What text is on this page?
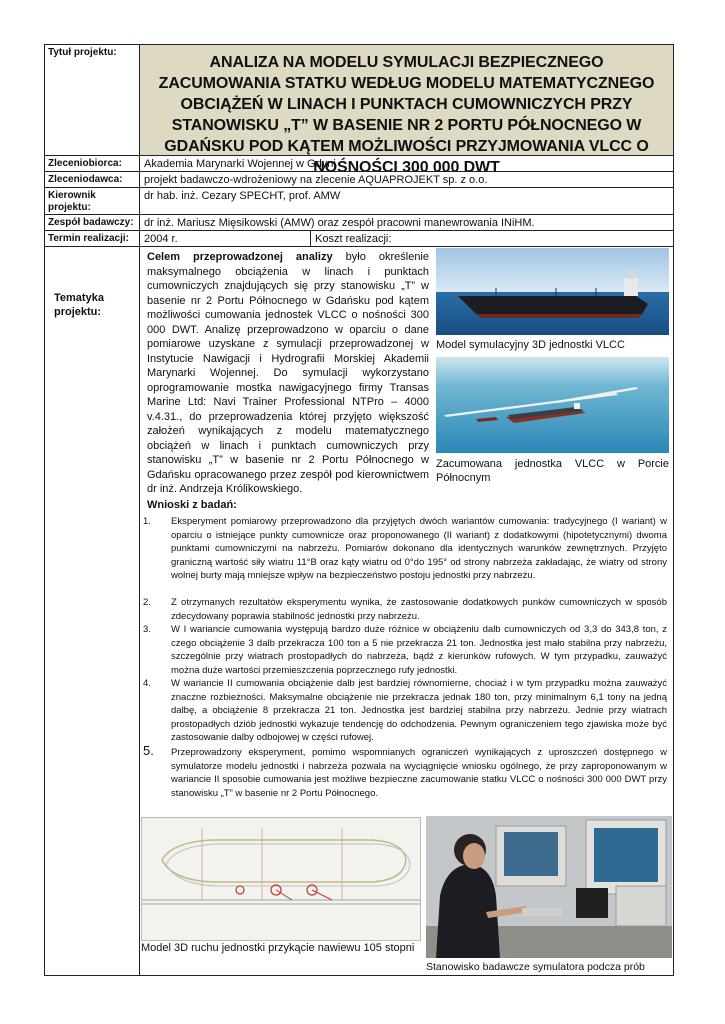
Tytuł projektu:
ANALIZA NA MODELU SYMULACJI BEZPIECZNEGO ZACUMOWANIA STATKU WEDŁUG MODELU MATEMATYCZNEGO OBCIĄŻEŃ W LINACH I PUNKTACH CUMOWNICZYCH PRZY STANOWISKU „T” W BASENIE NR 2 PORTU PÓŁNOCNEGO W GDAŃSKU POD KĄTEM MOŻLIWOŚCI PRZYJMOWANIA VLCC O NOŚNOŚCI 300 000 DWT
Zleceniobiorca:	Akademia Marynarki Wojennej w Gdyni
Zleceniodawca:	projekt badawczo-wdrożeniowy na zlecenie AQUAPROJEKT sp. z o.o.
Kierownik projektu:
dr hab. inż. Cezary SPECHT, prof. AMW
Zespół badawczy: dr inż. Mariusz Mięsikowski (AMW) oraz zespół pracowni manewrowania INiHM.
Termin realizacji:	2004 r.	Koszt realizacji:
Tematyka projektu:
Celem przeprowadzonej analizy było określenie maksymalnego obciążenia w linach i punktach cumowniczych znajdujących się przy stanowisku „T” w basenie nr 2 Portu Północnego w Gdańsku pod kątem możliwości cumowania jednostek VLCC o nośności 300 000 DWT. Analizę przeprowadzono w oparciu o dane pomiarowe uzyskane z symulacji przeprowadzonej w Instytucie Nawigacji i Hydrografii Morskiej Akademii Marynarki Wojennej. Do symulacji wykorzystano oprogramowanie mostka nawigacyjnego firmy Transas Marine Ltd: Navi Trainer Professional NTPro – 4000 v.4.31., do przeprowadzenia której przyjęto większość założeń wynikających z modelu matematycznego obciążeń w linach i punktach cumowniczych przy stanowisku „T” w basenie nr 2 Portu Północnego w Gdańsku opracowanego przez zespół pod kierownictwem dr inż. Andrzeja Królikowskiego.
Model symulacyjny 3D jednostki VLCC
Zacumowana jednostka VLCC w Porcie Północnym
Wnioski z badań:
1. Eksperyment pomiarowy przeprowadzono dla przyjętych dwóch wariantów cumowania: tradycyjnego (I wariant) w oparciu o istniejące punkty cumownicze oraz proponowanego (II wariant) z dodatkowymi (hipotetycznymi) dwoma punktami cumowniczymi na nabrzeżu. Pomiarów dokonano dla identycznych warunków zewnętrznych. Przyjęto graniczną wartość siły wiatru 11°B oraz kąty wiatru od 0°do 195° od strony nabrzeża zakładając, że wiatry od strony wolnej burty mają mniejsze wpływ na bezpieczeństwo postoju jednostki przy nabrzeżu.
2. Z otrzymanych rezultatów eksperymentu wynika, że zastosowanie dodatkowych punków cumowniczych w sposób zdecydowany poprawia stabilność jednostki przy nabrzeżu.
3. W I wariancie cumowania występują bardzo duże różnice w obciążeniu dalb cumowniczych od 3,3 do 343,8 ton, z czego obciążenie 3 dalb przekracza 100 ton a 5 nie przekracza 21 ton. Jednostka jest mało stabilna przy nabrzeżu, szczególnie przy wiatrach prostopadłych do nabrzeża, bądź z kierunków rufowych. W tym przypadku, zauważyć można duże wartości przemieszczenia poprzecznego rufy jednostki.
4. W wariancie II cumowania obciążenie dalb jest bardziej równomierne, chociaż i w tym przypadku można zauważyć znaczne rozbieżności. Maksymalne obciążenie nie przekracza jednak 180 ton, przy minimalnym 6,1 tony na jedną dalbę, a obciążenie 8 przekracza 21 ton. Jednostka jest bardziej stabilna przy nabrzeżu. Jednie przy wiatrach prostopadłych dziób jednostki wykazuje tendencję do odchodzenia. Pewnym ograniczeniem tego zjawiska może być zastosowanie dalby odbojowej w części rufowej.
5. Przeprowadzony eksperyment, pomimo wspomnianych ograniczeń wynikających z uproszczeń dostępnego w symulatorze modelu jednostki i nabrzeża pozwala na wyciągnięcie wniosku ogólnego, że przy zaproponowanym w wariancie II sposobie cumowania jest możliwe bezpieczne zacumowanie statku VLCC o nośności 300 000 DWT przy stanowisku „T” w basenie nr 2 Portu Północnego.
Model 3D ruchu jednostki przykącie nawiewu 105 stopni
Stanowisko badawcze symulatora podcza prób
